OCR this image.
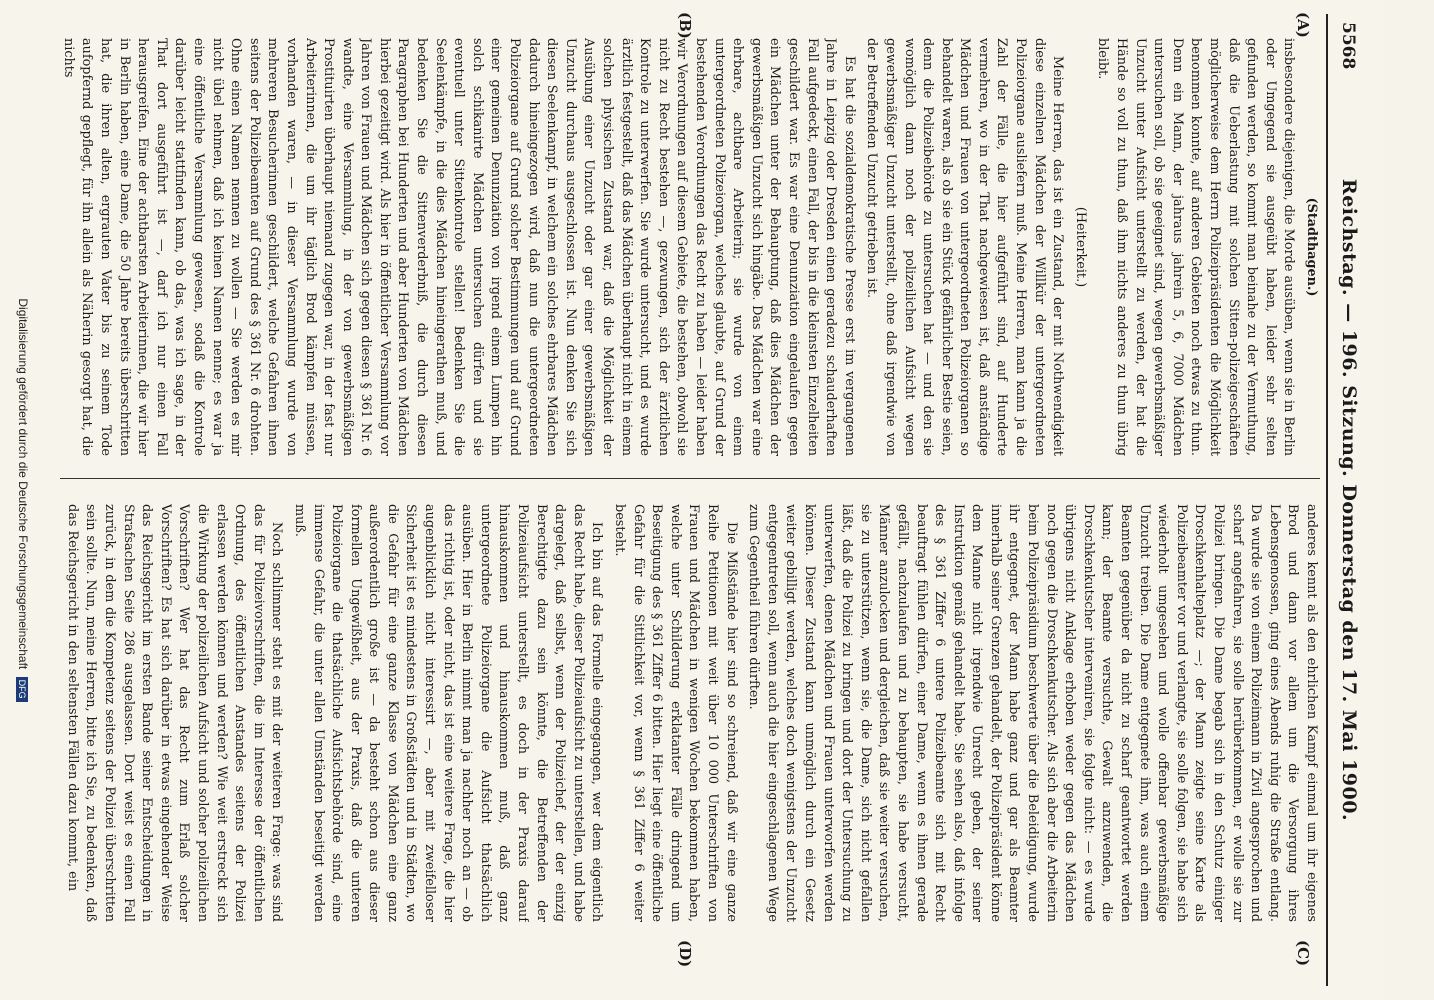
5568
Reichstag. — 196. Sitzung. Donnerstag den 17. Mai 1900.
(A)
(B)
(C)
(D)

(Stadthagen.)

insbesondere diejenigen, die Morde ausüben, wenn sie in Berlin oder Umgegend sie ausgeübt haben, leider sehr selten gefunden werden, so kommt man beinahe zu der Vermuthung, daß die Ueberlastung mit solchen Sitten-polizeigeschäften möglicherweise dem Herrn Polizeipräsidenten die Möglichkeit benommen konnte, auf anderen Gebieten noch etwas zu thun. Denn ein Mann, der jahraus jahrein 5, 6, 7000 Mädchen untersuchen soll, ob sie geeignet sind, wegen gewerbsmäßiger Unzucht unter Aufsicht unterstellt zu werden, der hat die Hände so voll zu thun, daß ihm nichts anderes zu thun übrig bleibt.

(Heiterkeit.)

Meine Herren, das ist ein Zustand, der mit Nothwendigkeit diese einzelnen Mädchen der Willkür der untergeordneten Polizeiorgane ausliefern muß. Meine Herren, man kann ja die Zahl der Fälle, die hier aufgeführt sind, auf Hunderte vermehren, wo in der That nachgewiesen ist, daß anständige Mädchen und Frauen von untergeordneten Polizeiorganen so behandelt waren, als ob sie ein Stück gefährlicher Bestie seien, denn die Polizeibehörde zu untersuchen hat — und den sie womöglich dann noch der polizeilichen Aufsicht wegen gewerbsmäßiger Unzucht unterstellt, ohne daß irgendwie von der Betreffenden Unzucht getrieben ist.

Es hat die sozialdemokratische Presse erst im vergangenen Jahre in Leipzig oder Dresden einen geradezu schauderhaften Fall aufgedeckt, einen Fall, der bis in die kleinsten Einzelheiten geschildert war. Es war eine Denunziation eingelaufen gegen ein Mädchen unter der Behauptung, daß dies Mädchen der gewerbsmäßigen Unzucht sich hingäbe. Das Mädchen war eine ehrbare, achtbare Arbeiterin; sie wurde von einem untergeordneten Polizeiorgan, welches glaubte, auf Grund der bestehenden Verordnungen das Recht zu haben — leider haben wir Verordnungen auf diesem Gebiete, die bestehen, obwohl sie nicht zu Recht bestehen —, gezwungen, sich der ärztlichen Kontrole zu unterwerfen. Sie wurde untersucht, und es wurde ärztlich festgestellt, daß das Mädchen überhaupt nicht in einem solchen physischen Zustand war, daß die Möglichkeit der Ausübung einer Unzucht oder gar einer gewerbsmäßigen Unzucht durchaus ausgeschlossen ist. Nun denken Sie sich diesen Seelenkampf, in welchem ein solches ehrbares Mädchen dadurch hineingezogen wird, daß nun die untergeordneten Polizeiorgane auf Grund solcher Bestimmungen und auf Grund einer gemeinen Denunziation von irgend einem Lumpen hin solch schikanirte Mädchen untersuchen dürfen und sie eventuell unter Sittenkontrole stellen! Bedenken Sie die Seelenkämpfe, in die dies Mädchen hineingerathen muß, und bedenken Sie die Sittenverderbniß, die durch diesen Paragraphen bei Hunderten und aber Hunderten von Mädchen hierbei gezeitigt wird. Als hier in öffentlicher Versammlung vor Jahren von Frauen und Mädchen sich gegen diesen § 361 Nr. 6 wandte, eine Versammlung, in der von gewerbsmäßigen Prostituirten überhaupt niemand zugegen war, in der fast nur Arbeiterinnen, die um ihr täglich Brod kämpfen müssen, vorhanden waren, — in dieser Versammlung wurde von mehreren Besucherinnen geschildert, welche Gefahren ihnen seitens der Polizeibeamten auf Grund des § 361 Nr. 6 drohten. Ohne einen Namen nennen zu wollen — Sie werden es mir nicht übel nehmen, daß ich keinen Namen nenne; es war ja eine öffentliche Versammlung gewesen, sodaß die Kontrole darüber leicht stattfinden kann, ob das, was ich sage, in der That dort ausgeführt ist —, darf ich nur einen Fall herausgreifen. Eine der achtbarsten Arbeiterinnen, die wir hier in Berlin haben, eine Dame, die 50 Jahre bereits überschritten hat, die ihren alten, ergrauten Vater bis zu seinem Tode aufopfernd gepflegt, für ihn allein als Näherin gesorgt hat, die nichts

anderes kennt als den ehrlichen Kampf einmal um ihr eigenes Brod und dann vor allem um die Versorgung ihres Lebensgenossen, ging eines Abends ruhig die Straße entlang. Da wurde sie von einem Polizeimann in Zivil angesprochen und scharf angefahren, sie solle herüberkommen, er wolle sie zur Polizei bringen. Die Dame begab sich in den Schutz einiger Droschkenhalteplatz —; der Mann zeigte seine Karte als Polizeibeamter vor und verlangte, sie solle folgen, sie habe sich wiederholt umgesehen und wolle offenbar gewerbsmäßige Unzucht treiben. Die Dame entgegnete ihm, was auch einem Beamten gegenüber da nicht zu scharf geantwortet werden kann; der Beamte versuchte, Gewalt anzuwenden, die Droschkenkutscher interveniren, sie folgte nicht: — es wurde übrigens nicht Anklage erhoben weder gegen das Mädchen noch gegen die Droschkenkutscher. Als sich aber die Arbeiterin beim Polizeipräsidium beschwerte über die Beleidigung, wurde ihr entgegnet, der Mann habe ganz und gar als Beamter innerhalb seiner Grenzen gehandelt, der Polizeipräsident könne dem Manne nicht irgendwie Unrecht geben, der seiner Instruktion gemäß gehandelt habe. Sie sehen also, daß infolge des § 361 Ziffer 6 untere Polizeibeamte sich mit Recht beauftragt fühlen dürfen, einer Dame, wenn es ihnen gerade gefällt, nachzulaufen und zu behaupten, sie habe versucht, Männer anzulocken und dergleichen, daß sie weiter versuchen, sie zu unterstützen, wenn sie, die Dame, sich nicht gefallen läßt, daß die Polizei zu bringen und dort der Untersuchung zu unterwerfen, denen Mädchen und Frauen unterworfen werden können. Dieser Zustand kann unmöglich durch ein Gesetz weiter gebilligt werden, welches doch wenigstens der Unzucht entgegentreten soll, wenn auch die hier eingeschlagenen Wege zum Gegentheil führen dürften.

Die Mißstände hier sind so schreiend, daß wir eine ganze Reihe Petitionen mit weit über 10 000 Unterschriften von Frauen und Mädchen in wenigen Wochen bekommen haben, welche unter Schilderung erklatanter Fälle dringend um Beseitigung des § 361 Ziffer 6 bitten. Hier liegt eine öffentliche Gefahr für die Sittlichkeit vor, wenn § 361 Ziffer 6 weiter besteht.

Ich bin auf das Formelle eingegangen, wer dem eigentlich das Recht habe, dieser Polizeiaufsicht zu unterstellen, und habe dargelegt, daß selbst, wenn der Polizeichef, der der einzig Berechtigte dazu sein könnte, die Betreffenden der Polizeiaufsicht unterstellt, es doch in der Praxis darauf hinauskommen und hinauskommen muß, daß ganz untergeordnete Polizeiorgane die Aufsicht thatsächlich ausüben. Hier in Berlin nimmt man ja nachher noch an — ob das richtig ist, oder nicht, das ist eine weitere Frage, die hier augenblicklich nicht interessirt —, aber mit zweifelloser Sicherheit ist es mindestens in Großstädten und in Städten, wo die Gefahr für eine ganze Klasse von Mädchen eine ganz außerordentlich große ist — da besteht schon aus dieser formellen Ungewißheit, aus der Praxis, daß die unteren Polizeiorgane die thatsächliche Aufsichtsbehörde sind, eine immense Gefahr, die unter allen Umständen beseitigt werden muß.

Noch schlimmer steht es mit der weiteren Frage: was sind das für Polizeivorschriften, die im Interesse der öffentlichen Ordnung, des öffentlichen Anstandes seitens der Polizei erlassen werden können und werden? Wie weit erstreckt sich die Wirkung der polizeilichen Aufsicht und solcher polizeilichen Vorschriften? Wer hat das Recht zum Erlaß solcher Vorschriften? Es hat sich darüber in etwas eingehender Weise das Reichsgericht im ersten Bande seiner Entscheidungen in Strafsachen Seite 286 ausgelassen. Dort weist es einen Fall zurück, in dem die Kompetenz seitens der Polizei überschritten sein sollte. Nun, meine Herren, bitte ich Sie, zu bedenken, daß das Reichsgericht in den seltensten Fällen dazu kommt, ein

Digitalisierung gefördert durch die Deutsche Forschungsgemeinschaft DFG
